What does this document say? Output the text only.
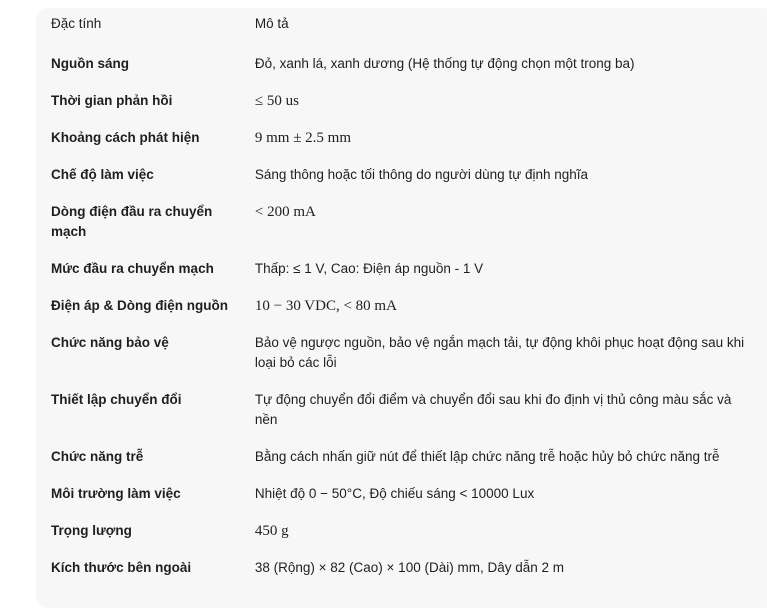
Đặc tính	Mô tả
Nguồn sáng	Đỏ, xanh lá, xanh dương (Hệ thống tự động chọn một trong ba)
Thời gian phản hồi	≤ 50 us
Khoảng cách phát hiện	9 mm ± 2.5 mm
Chế độ làm việc	Sáng thông hoặc tối thông do người dùng tự định nghĩa
Dòng điện đầu ra chuyển mạch	< 200 mA
Mức đầu ra chuyển mạch	Thấp: ≤ 1 V, Cao: Điện áp nguồn - 1 V
Điện áp & Dòng điện nguồn	10 − 30 VDC, < 80 mA
Chức năng bảo vệ	Bảo vệ ngược nguồn, bảo vệ ngắn mạch tải, tự động khôi phục hoạt động sau khi loại bỏ các lỗi
Thiết lập chuyển đổi	Tự động chuyển đổi điểm và chuyển đổi sau khi đo định vị thủ công màu sắc và nền
Chức năng trễ	Bằng cách nhấn giữ nút để thiết lập chức năng trễ hoặc hủy bỏ chức năng trễ
Môi trường làm việc	Nhiệt độ 0 − 50°C, Độ chiếu sáng < 10000 Lux
Trọng lượng	450 g
Kích thước bên ngoài	38 (Rộng) × 82 (Cao) × 100 (Dài) mm, Dây dẫn 2 m
